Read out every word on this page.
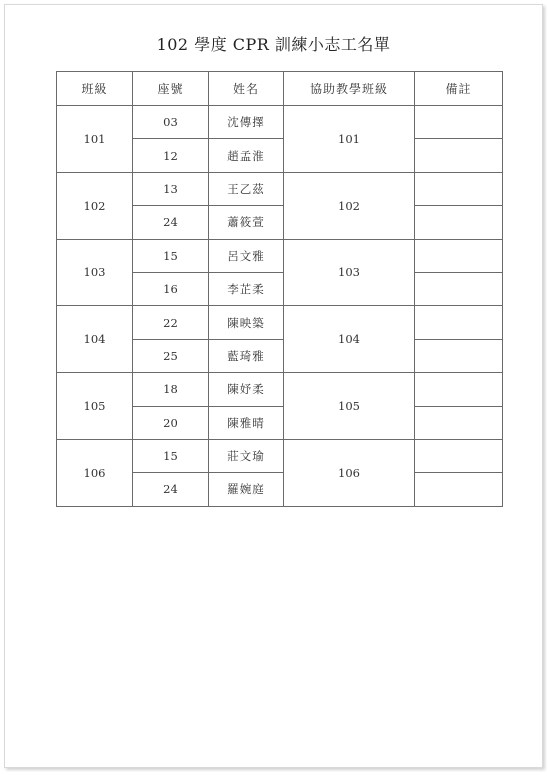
102 學度 CPR 訓練小志工名單
班級	座號	姓名	協助教學班級	備註
101	03	沈傳擇	101	
	12	趙孟淮		
102	13	王乙茲	102	
	24	蕭筱萱		
103	15	呂文雅	103	
	16	李芷柔		
104	22	陳映築	104	
	25	藍琦雅		
105	18	陳妤柔	105	
	20	陳雅晴		
106	15	莊文瑜	106	
	24	羅婉庭		
